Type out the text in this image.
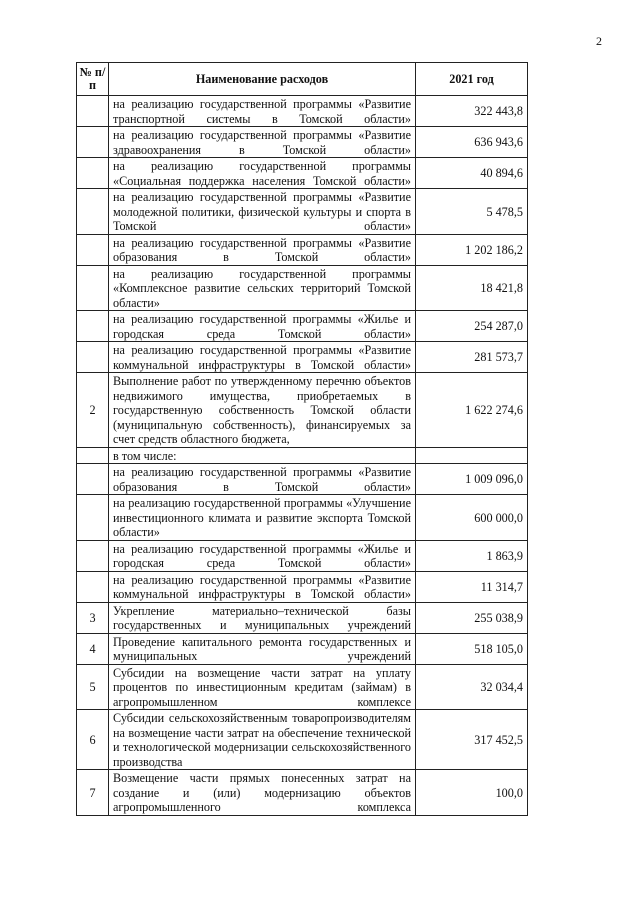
2
№ п/п	Наименование расходов	2021 год
	на реализацию государственной программы «Развитие транспортной системы в Томской области»	322 443,8
	на реализацию государственной программы «Развитие здравоохранения в Томской области»	636 943,6
	на реализацию государственной программы «Социальная поддержка населения Томской области»	40 894,6
	на реализацию государственной программы «Развитие молодежной политики, физической культуры и спорта в Томской области»	5 478,5
	на реализацию государственной программы «Развитие образования в Томской области»	1 202 186,2
	на реализацию государственной программы «Комплексное развитие сельских территорий Томской области»	18 421,8
	на реализацию государственной программы «Жилье и городская среда Томской области»	254 287,0
	на реализацию государственной программы «Развитие коммунальной инфраструктуры в Томской области»	281 573,7
2	Выполнение работ по утвержденному перечню объектов недвижимого имущества, приобретаемых в государственную собственность Томской области (муниципальную собственность), финансируемых за счет средств областного бюджета,	1 622 274,6
	в том числе:	
	на реализацию государственной программы «Развитие образования в Томской области»	1 009 096,0
	на реализацию государственной программы «Улучшение инвестиционного климата и развитие экспорта Томской области»	600 000,0
	на реализацию государственной программы «Жилье и городская среда Томской области»	1 863,9
	на реализацию государственной программы «Развитие коммунальной инфраструктуры в Томской области»	11 314,7
3	Укрепление материально–технической базы государственных и муниципальных учреждений	255 038,9
4	Проведение капитального ремонта государственных и муниципальных учреждений	518 105,0
5	Субсидии на возмещение части затрат на уплату процентов по инвестиционным кредитам (займам) в агропромышленном комплексе	32 034,4
6	Субсидии сельскохозяйственным товаропроизводителям на возмещение части затрат на обеспечение технической и технологической модернизации сельскохозяйственного производства	317 452,5
7	Возмещение части прямых понесенных затрат на создание и (или) модернизацию объектов агропромышленного комплекса	100,0
